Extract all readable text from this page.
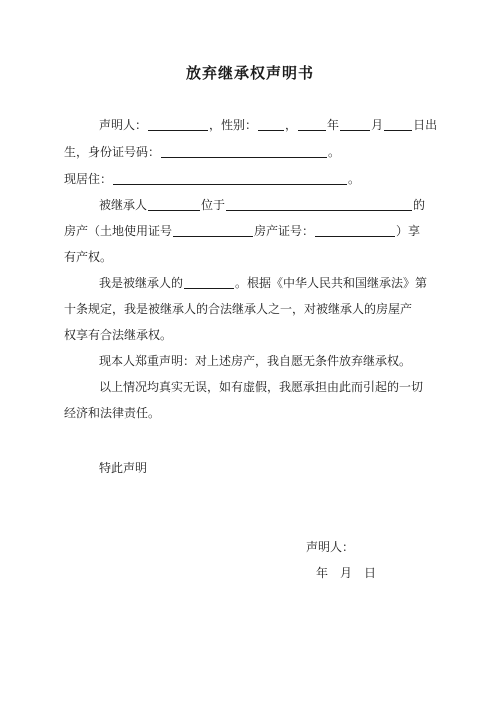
放弃继承权声明书
声明人：	，性别： ，	年	月	日出
生，身份证号码：	。
现居住：	。
被继承人	位于	的
房产（土地使用证号	房产证号：	）享
有产权。
我是被继承人的	。根据《中华人民共和国继承法》第
十条规定，我是被继承人的合法继承人之一，对被继承人的房屋产
权享有合法继承权。
现本人郑重声明：对上述房产，我自愿无条件放弃继承权。
以上情况均真实无误，如有虚假，我愿承担由此而引起的一切
经济和法律责任。
特此声明
声明人：
年　月　日
